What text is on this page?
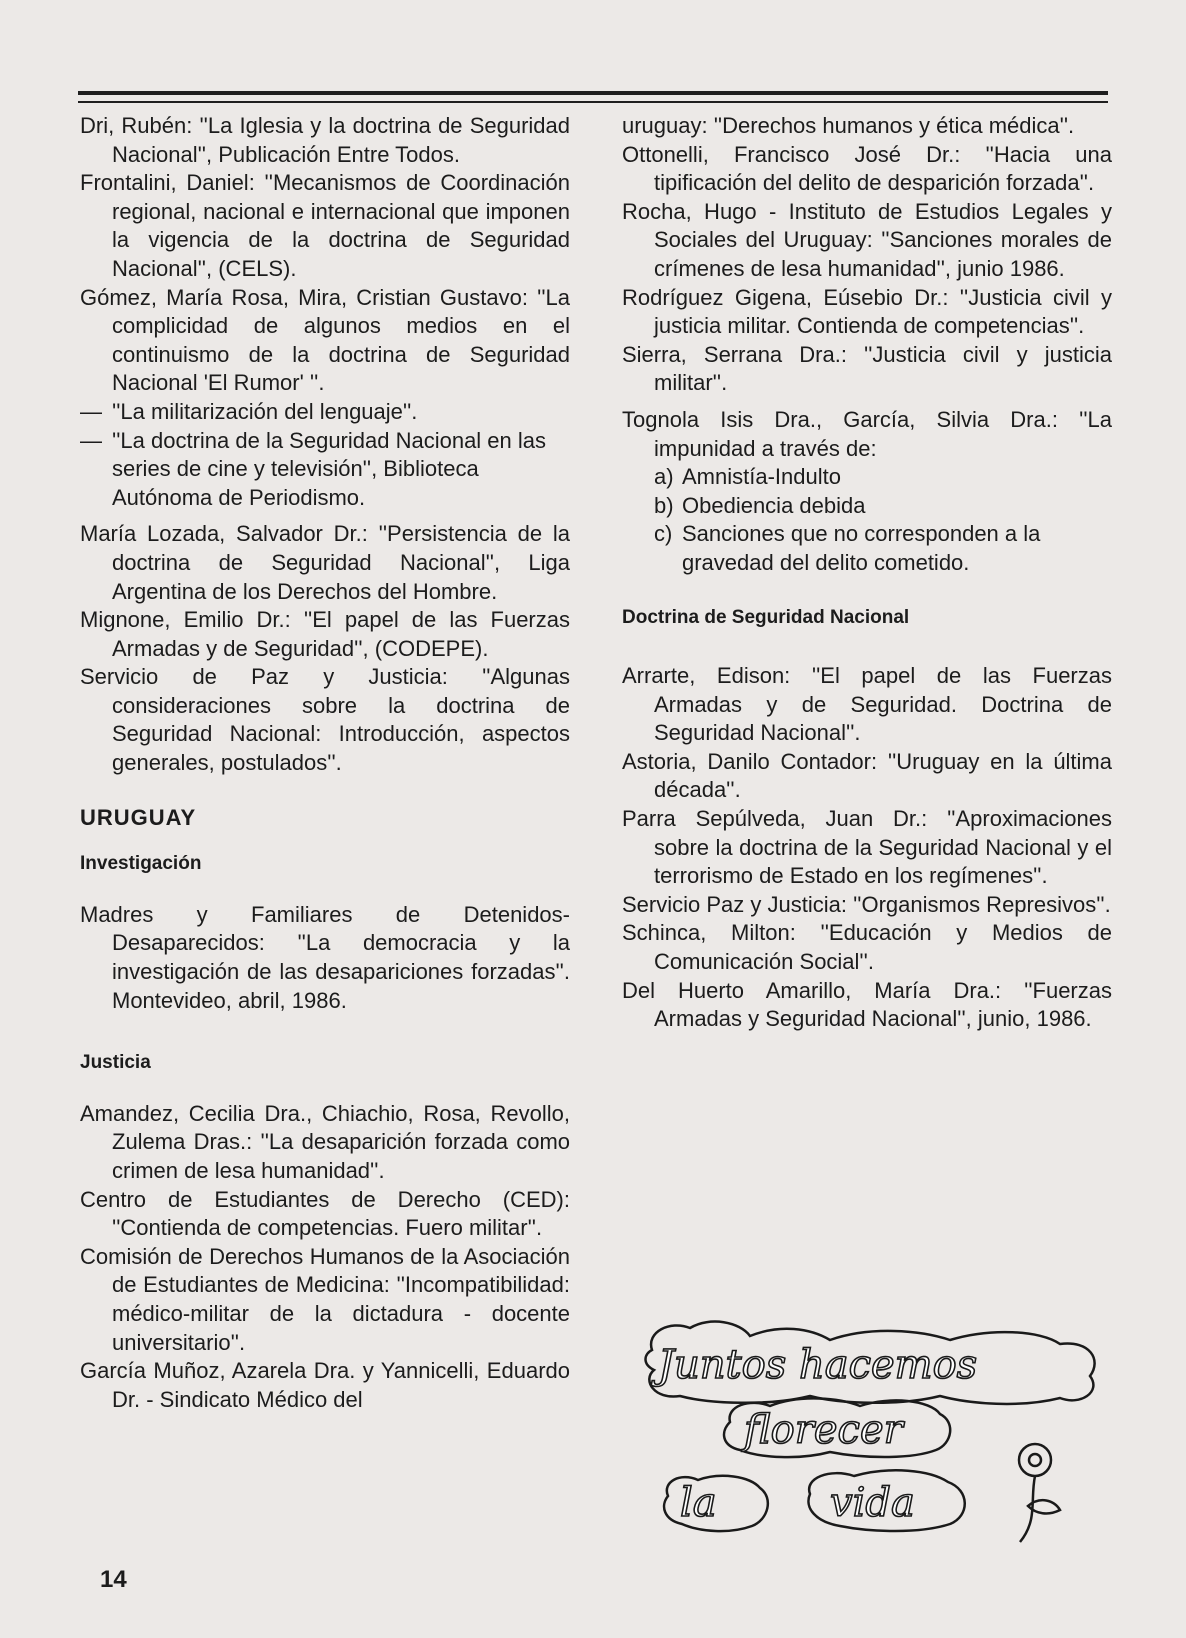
Dri, Rubén: ''La Iglesia y la doctrina de Seguridad Nacional'', Publicación Entre Todos.

Frontalini, Daniel: ''Mecanismos de Coordinación regional, nacional e internacional que imponen la vigencia de la doctrina de Seguridad Nacional'', (CELS).

Gómez, María Rosa, Mira, Cristian Gustavo: ''La complicidad de algunos medios en el continuismo de la doctrina de Seguridad Nacional 'El Rumor' ''.

— ''La militarización del lenguaje''.

— ''La doctrina de la Seguridad Nacional en las series de cine y televisión'', Biblioteca Autónoma de Periodismo.

María Lozada, Salvador Dr.: ''Persistencia de la doctrina de Seguridad Nacional'', Liga Argentina de los Derechos del Hombre.

Mignone, Emilio Dr.: ''El papel de las Fuerzas Armadas y de Seguridad'', (CODEPE).

Servicio de Paz y Justicia: ''Algunas consideraciones sobre la doctrina de Seguridad Nacional: Introducción, aspectos generales, postulados''.

URUGUAY
Investigación

Madres y Familiares de Detenidos-Desaparecidos: ''La democracia y la investigación de las desapariciones forzadas''. Montevideo, abril, 1986.

Justicia

Amandez, Cecilia Dra., Chiachio, Rosa, Revollo, Zulema Dras.: ''La desaparición forzada como crimen de lesa humanidad''.

Centro de Estudiantes de Derecho (CED): ''Contienda de competencias. Fuero militar''.

Comisión de Derechos Humanos de la Asociación de Estudiantes de Medicina: ''Incompatibilidad: médico-militar de la dictadura - docente universitario''.

García Muñoz, Azarela Dra. y Yannicelli, Eduardo Dr. - Sindicato Médico del

uruguay: ''Derechos humanos y ética médica''.

Ottonelli, Francisco José Dr.: ''Hacia una tipificación del delito de desparición forzada''.

Rocha, Hugo - Instituto de Estudios Legales y Sociales del Uruguay: ''Sanciones morales de crímenes de lesa humanidad'', junio 1986.

Rodríguez Gigena, Eúsebio Dr.: ''Justicia civil y justicia militar. Contienda de competencias''.

Sierra, Serrana Dra.: ''Justicia civil y justicia militar''.

Tognola Isis Dra., García, Silvia Dra.: ''La impunidad a través de:

a) Amnistía-Indulto
b) Obediencia debida
c) Sanciones que no corresponden a la gravedad del delito cometido.
Doctrina de Seguridad Nacional

Arrarte, Edison: ''El papel de las Fuerzas Armadas y de Seguridad. Doctrina de Seguridad Nacional''.

Astoria, Danilo Contador: ''Uruguay en la última década''.

Parra Sepúlveda, Juan Dr.: ''Aproximaciones sobre la doctrina de la Seguridad Nacional y el terrorismo de Estado en los regímenes''.

Servicio Paz y Justicia: ''Organismos Represivos''.

Schinca, Milton: ''Educación y Medios de Comunicación Social''.

Del Huerto Amarillo, María Dra.: ''Fuerzas Armadas y Seguridad Nacional'', junio, 1986.

Juntos hacemos
florecer
la	vida
14
